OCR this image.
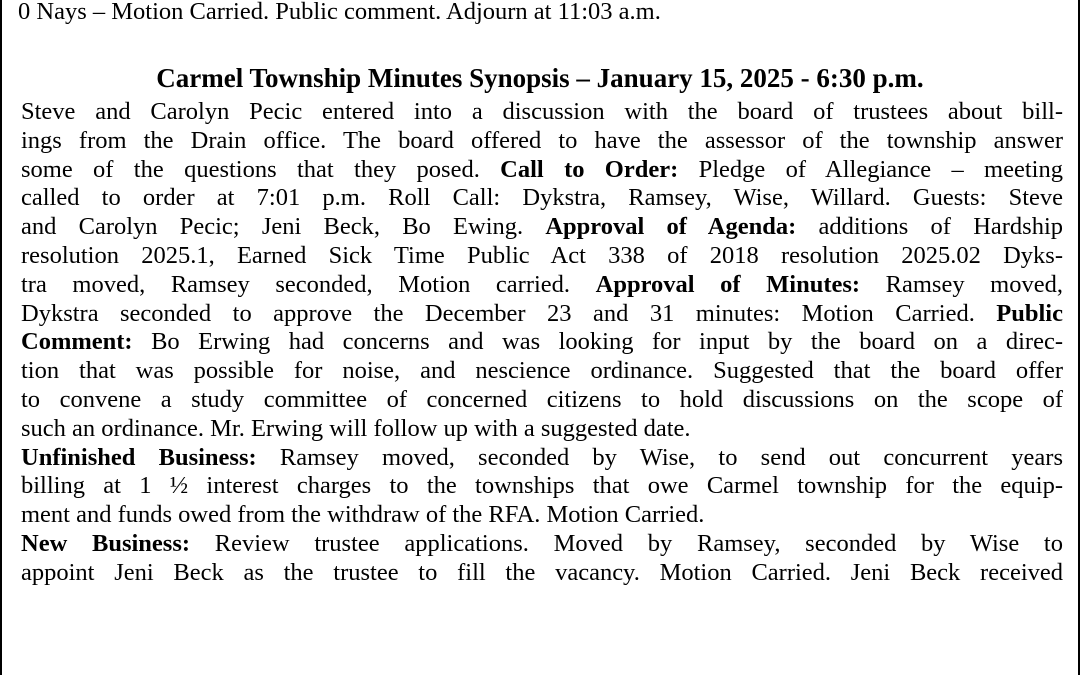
0 Nays – Motion Carried. Public comment. Adjourn at 11:03 a.m.
Carmel Township Minutes Synopsis – January 15, 2025 - 6:30 p.m.
Steve and Carolyn Pecic entered into a discussion with the board of trustees about bill-
ings from the Drain office. The board offered to have the assessor of the township answer
some of the questions that they posed. Call to Order: Pledge of Allegiance – meeting
called to order at 7:01 p.m. Roll Call: Dykstra, Ramsey, Wise, Willard. Guests: Steve
and Carolyn Pecic; Jeni Beck, Bo Ewing. Approval of Agenda: additions of Hardship
resolution 2025.1, Earned Sick Time Public Act 338 of 2018 resolution 2025.02 Dyks-
tra moved, Ramsey seconded, Motion carried. Approval of Minutes: Ramsey moved,
Dykstra seconded to approve the December 23 and 31 minutes: Motion Carried. Public
Comment: Bo Erwing had concerns and was looking for input by the board on a direc-
tion that was possible for noise, and nescience ordinance. Suggested that the board offer
to convene a study committee of concerned citizens to hold discussions on the scope of
such an ordinance. Mr. Erwing will follow up with a suggested date.
Unfinished Business: Ramsey moved, seconded by Wise, to send out concurrent years
billing at 1 ½ interest charges to the townships that owe Carmel township for the equip-
ment and funds owed from the withdraw of the RFA. Motion Carried.
New Business: Review trustee applications. Moved by Ramsey, seconded by Wise to
appoint Jeni Beck as the trustee to fill the vacancy. Motion Carried. Jeni Beck received
